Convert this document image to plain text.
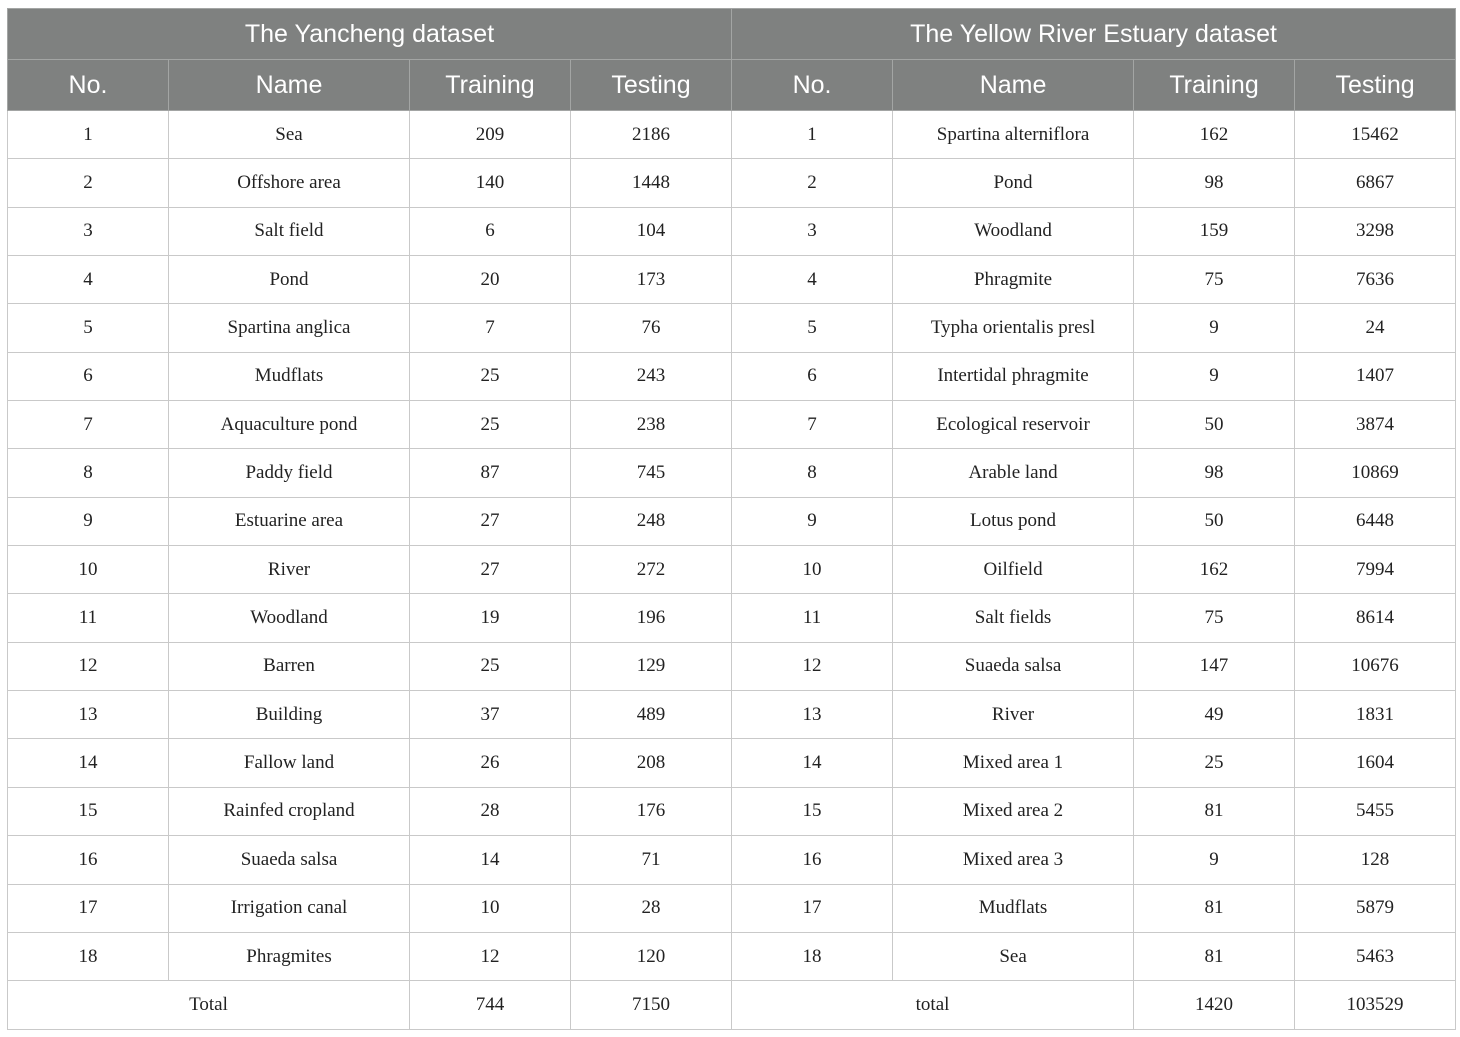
The Yancheng dataset				The Yellow River Estuary dataset			
No.	Name	Training	Testing	No.	Name	Training	Testing
1	Sea	209	2186	1	Spartina alterniflora	162	15462
2	Offshore area	140	1448	2	Pond	98	6867
3	Salt field	6	104	3	Woodland	159	3298
4	Pond	20	173	4	Phragmite	75	7636
5	Spartina anglica	7	76	5	Typha orientalis presl	9	24
6	Mudflats	25	243	6	Intertidal phragmite	9	1407
7	Aquaculture pond	25	238	7	Ecological reservoir	50	3874
8	Paddy field	87	745	8	Arable land	98	10869
9	Estuarine area	27	248	9	Lotus pond	50	6448
10	River	27	272	10	Oilfield	162	7994
11	Woodland	19	196	11	Salt fields	75	8614
12	Barren	25	129	12	Suaeda salsa	147	10676
13	Building	37	489	13	River	49	1831
14	Fallow land	26	208	14	Mixed area 1	25	1604
15	Rainfed cropland	28	176	15	Mixed area 2	81	5455
16	Suaeda salsa	14	71	16	Mixed area 3	9	128
17	Irrigation canal	10	28	17	Mudflats	81	5879
18	Phragmites	12	120	18	Sea	81	5463
Total		744	7150	total		1420	103529
